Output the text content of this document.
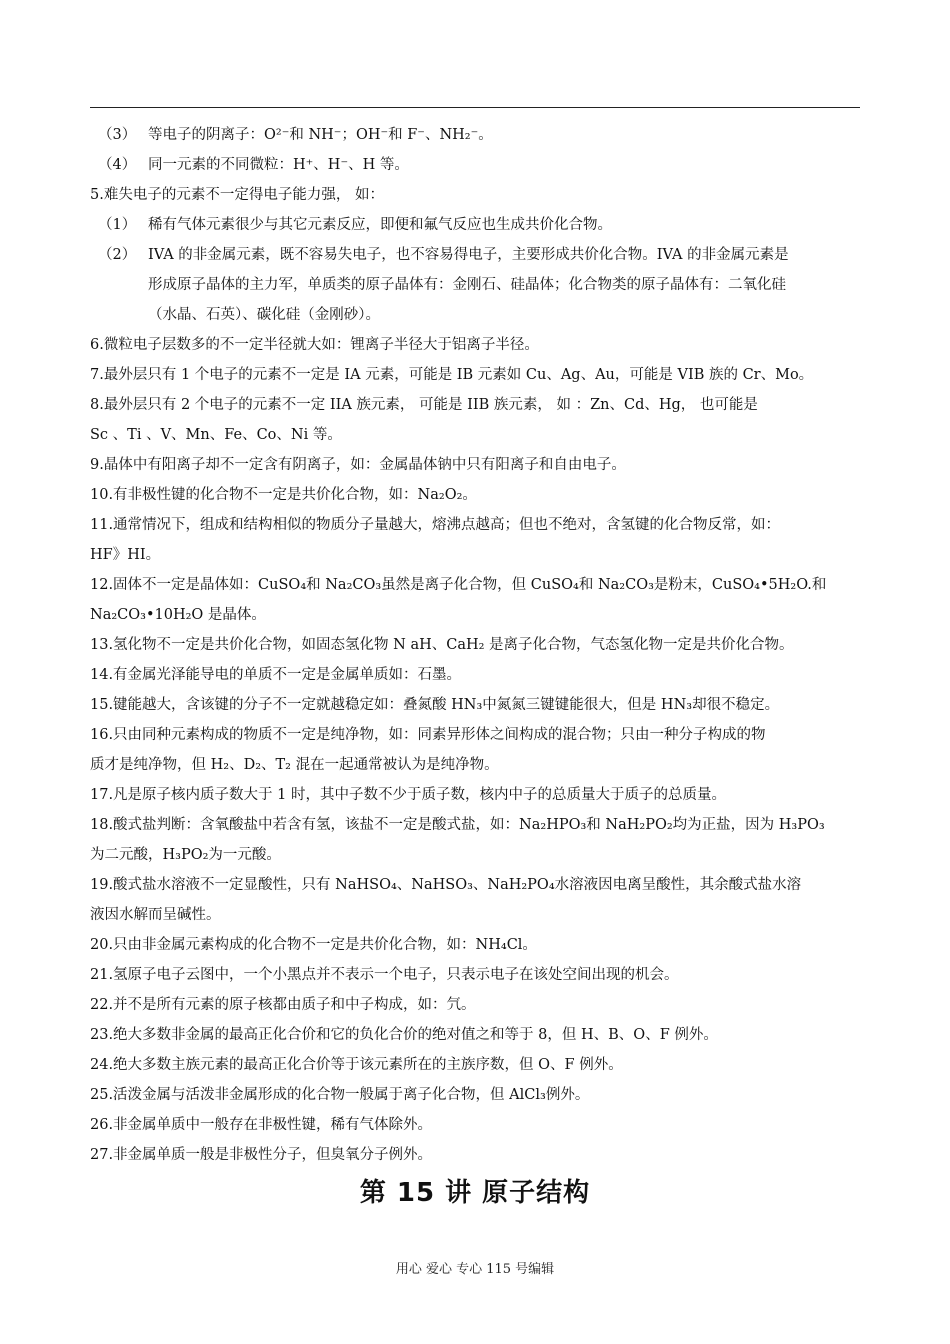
（3） 等电子的阴离子：O²⁻和 NH⁻；OH⁻和 F⁻、NH₂⁻。
（4） 同一元素的不同微粒：H⁺、H⁻、H 等。
5.难失电子的元素不一定得电子能力强， 如：
（1） 稀有气体元素很少与其它元素反应，即便和氟气反应也生成共价化合物。
（2） IVA 的非金属元素，既不容易失电子，也不容易得电子，主要形成共价化合物。IVA 的非金属元素是
形成原子晶体的主力军，单质类的原子晶体有：金刚石、硅晶体；化合物类的原子晶体有：二氧化硅
（水晶、石英）、碳化硅（金刚砂）。
6.微粒电子层数多的不一定半径就大如：锂离子半径大于铝离子半径。
7.最外层只有 1 个电子的元素不一定是 IA 元素，可能是 IB 元素如 Cu、Ag、Au，可能是 VIB 族的 Cr、Mo。
8.最外层只有 2 个电子的元素不一定 IIA 族元素， 可能是 IIB 族元素， 如 ：Zn、Cd、Hg， 也可能是
Sc 、Ti 、V、Mn、Fe、Co、Ni 等。
9.晶体中有阳离子却不一定含有阴离子，如：金属晶体钠中只有阳离子和自由电子。
10.有非极性键的化合物不一定是共价化合物，如：Na₂O₂。
11.通常情况下，组成和结构相似的物质分子量越大，熔沸点越高；但也不绝对，含氢键的化合物反常，如：
HF》HI。
12.固体不一定是晶体如：CuSO₄和 Na₂CO₃虽然是离子化合物，但 CuSO₄和 Na₂CO₃是粉末，CuSO₄•5H₂O.和
Na₂CO₃•10H₂O 是晶体。
13.氢化物不一定是共价化合物，如固态氢化物 N aH、CaH₂ 是离子化合物，气态氢化物一定是共价化合物。
14.有金属光泽能导电的单质不一定是金属单质如：石墨。
15.键能越大，含该键的分子不一定就越稳定如：叠氮酸 HN₃中氮氮三键键能很大，但是 HN₃却很不稳定。
16.只由同种元素构成的物质不一定是纯净物，如：同素异形体之间构成的混合物；只由一种分子构成的物
质才是纯净物，但 H₂、D₂、T₂ 混在一起通常被认为是纯净物。
17.凡是原子核内质子数大于 1 时，其中子数不少于质子数，核内中子的总质量大于质子的总质量。
18.酸式盐判断：含氧酸盐中若含有氢，该盐不一定是酸式盐，如：Na₂HPO₃和 NaH₂PO₂均为正盐，因为 H₃PO₃
为二元酸，H₃PO₂为一元酸。
19.酸式盐水溶液不一定显酸性，只有 NaHSO₄、NaHSO₃、NaH₂PO₄水溶液因电离呈酸性，其余酸式盐水溶
液因水解而呈碱性。
20.只由非金属元素构成的化合物不一定是共价化合物，如：NH₄Cl。
21.氢原子电子云图中，一个小黑点并不表示一个电子，只表示电子在该处空间出现的机会。
22.并不是所有元素的原子核都由质子和中子构成，如：氕。
23.绝大多数非金属的最高正化合价和它的负化合价的绝对值之和等于 8，但 H、B、O、F 例外。
24.绝大多数主族元素的最高正化合价等于该元素所在的主族序数，但 O、F 例外。
25.活泼金属与活泼非金属形成的化合物一般属于离子化合物，但 AlCl₃例外。
26.非金属单质中一般存在非极性键，稀有气体除外。
27.非金属单质一般是非极性分子，但臭氧分子例外。
第 15 讲 原子结构
用心 爱心 专心 115 号编辑
